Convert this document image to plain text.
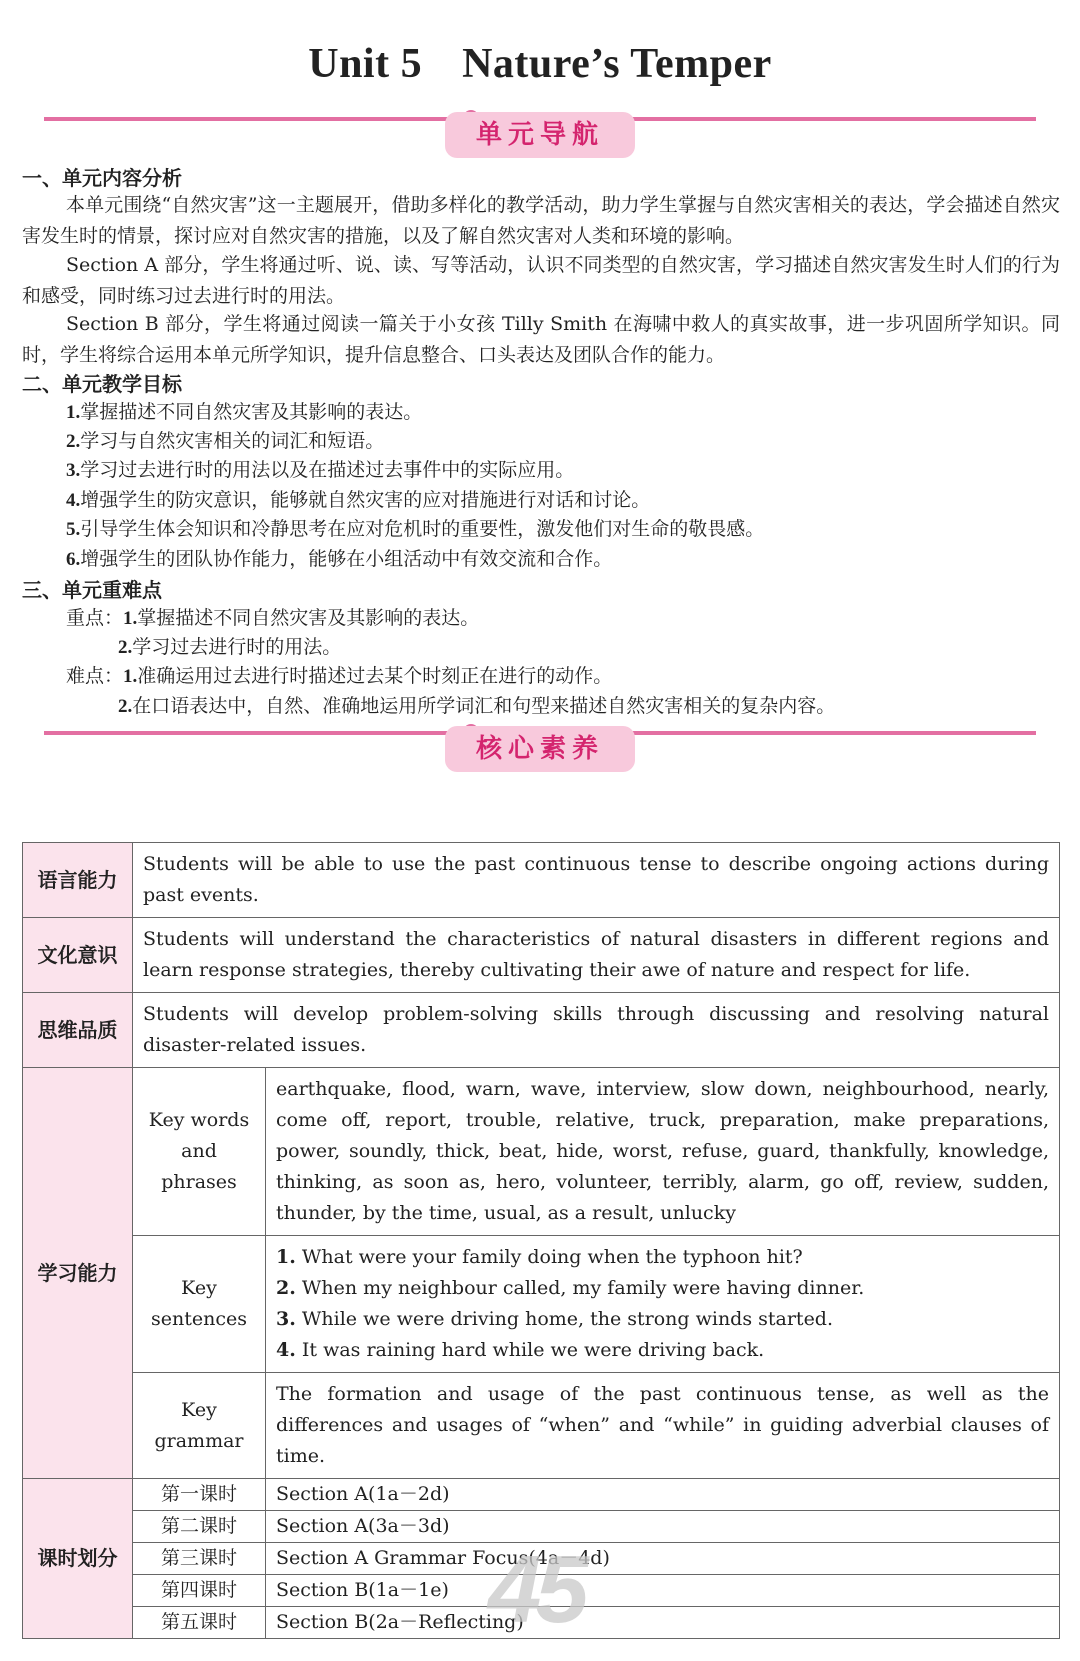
Unit 5 Nature’s Temper
单元导航
一、单元内容分析
本单元围绕“自然灾害”这一主题展开，借助多样化的教学活动，助力学生掌握与自然灾害相关的表达，学会描述自然灾害发生时的情景，探讨应对自然灾害的措施，以及了解自然灾害对人类和环境的影响。
Section A 部分，学生将通过听、说、读、写等活动，认识不同类型的自然灾害，学习描述自然灾害发生时人们的行为和感受，同时练习过去进行时的用法。
Section B 部分，学生将通过阅读一篇关于小女孩 Tilly Smith 在海啸中救人的真实故事，进一步巩固所学知识。同时，学生将综合运用本单元所学知识，提升信息整合、口头表达及团队合作的能力。
二、单元教学目标
1.掌握描述不同自然灾害及其影响的表达。
2.学习与自然灾害相关的词汇和短语。
3.学习过去进行时的用法以及在描述过去事件中的实际应用。
4.增强学生的防灾意识，能够就自然灾害的应对措施进行对话和讨论。
5.引导学生体会知识和冷静思考在应对危机时的重要性，激发他们对生命的敬畏感。
6.增强学生的团队协作能力，能够在小组活动中有效交流和合作。
三、单元重难点
重点：1.掌握描述不同自然灾害及其影响的表达。
2.学习过去进行时的用法。
难点：1.准确运用过去进行时描述过去某个时刻正在进行的动作。
2.在口语表达中，自然、准确地运用所学词汇和句型来描述自然灾害相关的复杂内容。
核心素养
语言能力	Students will be able to use the past continuous tense to describe ongoing actions during past events.	
文化意识	Students will understand the characteristics of natural disasters in different regions and learn response strategies, thereby cultivating their awe of nature and respect for life.	
思维品质	Students will develop problem-solving skills through discussing and resolving natural disaster-related issues.	
学习能力	Key words and phrases	earthquake, flood, warn, wave, interview, slow down, neighbourhood, nearly, come off, report, trouble, relative, truck, preparation, make preparations, power, soundly, thick, beat, hide, worst, refuse, guard, thankfully, knowledge, thinking, as soon as, hero, volunteer, terribly, alarm, go off, review, sudden, thunder, by the time, usual, as a result, unlucky
	Key sentences	1. What were your family doing when the typhoon hit?
2. When my neighbour called, my family were having dinner.
3. While we were driving home, the strong winds started.
4. It was raining hard while we were driving back.

	Key grammar	The formation and usage of the past continuous tense, as well as the differences and usages of “when” and “while” in guiding adverbial clauses of time.
课时划分	第一课时	Section A(1a－2d)
	第二课时	Section A(3a－3d)
	第三课时	Section A Grammar Focus(4a－4d)
	第四课时	Section B(1a－1e)
	第五课时	Section B(2a－Reflecting)
45
